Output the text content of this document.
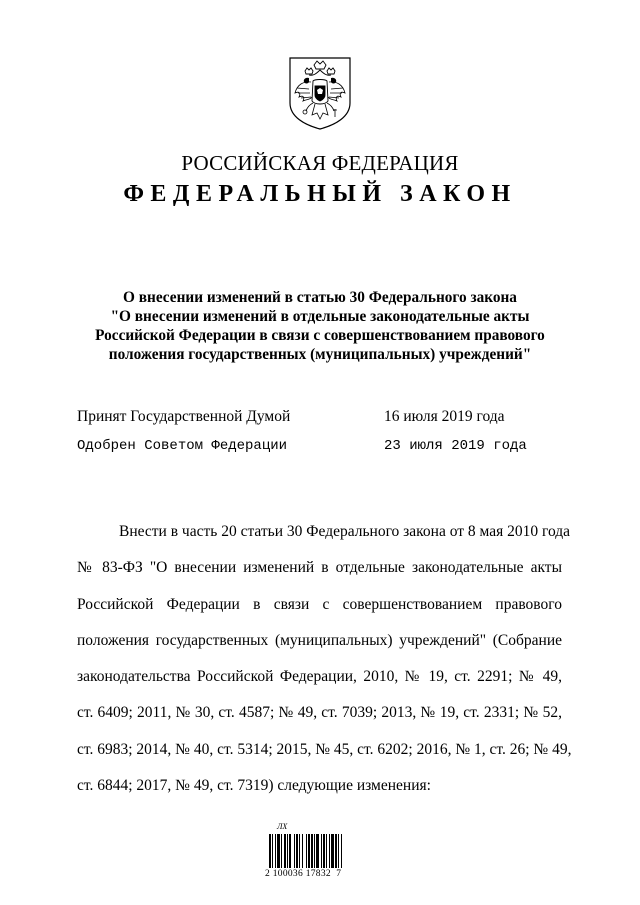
РОССИЙСКАЯ ФЕДЕРАЦИЯ
ФЕДЕРАЛЬНЫЙ ЗАКОН
О внесении изменений в статью 30 Федерального закона
"О внесении изменений в отдельные законодательные акты
Российской Федерации в связи с совершенствованием правового
положения государственных (муниципальных) учреждений"
Принят Государственной Думой	16 июля 2019 года
Одобрен Советом Федерации	23 июля 2019 года
Внести в часть 20 статьи 30 Федерального закона от 8 мая 2010 года
№ 83-ФЗ "О внесении изменений в отдельные законодательные акты
Российской Федерации в связи с совершенствованием правового
положения государственных (муниципальных) учреждений" (Собрание
законодательства Российской Федерации, 2010, № 19, ст. 2291; № 49,
ст. 6409; 2011, № 30, ст. 4587; № 49, ст. 7039; 2013, № 19, ст. 2331; № 52,
ст. 6983; 2014, № 40, ст. 5314; 2015, № 45, ст. 6202; 2016, № 1, ст. 26; № 49,
ст. 6844; 2017, № 49, ст. 7319) следующие изменения:
ЛХ
2 100036 17832  7
